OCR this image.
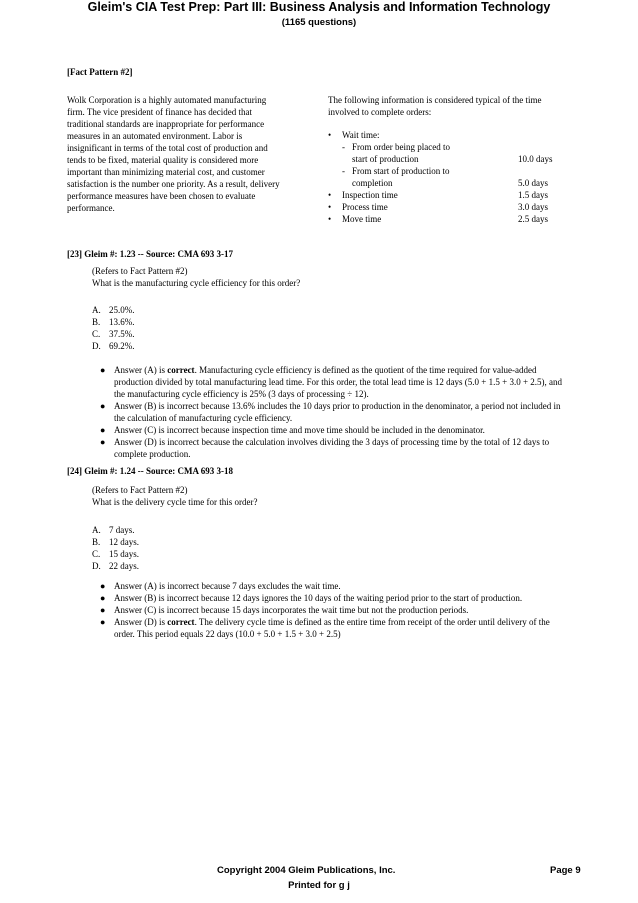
Gleim's CIA Test Prep: Part III: Business Analysis and Information Technology
(1165 questions)
[Fact Pattern #2]
Wolk Corporation is a highly automated manufacturing
firm. The vice president of finance has decided that
traditional standards are inappropriate for performance
measures in an automated environment. Labor is
insignificant in terms of the total cost of production and
tends to be fixed, material quality is considered more
important than minimizing material cost, and customer
satisfaction is the number one priority. As a result, delivery
performance measures have been chosen to evaluate
performance.
The following information is considered typical of the time
involved to complete orders:
•	Wait time:
- From order being placed to
start of production	10.0 days
- From start of production to
completion	5.0 days
•	Inspection time	1.5 days
•	Process time	3.0 days
•	Move time	2.5 days
[23] Gleim #: 1.23 -- Source: CMA 693 3-17
(Refers to Fact Pattern #2)
What is the manufacturing cycle efficiency for this order?
A. 25.0%.
B. 13.6%.
C. 37.5%.
D. 69.2%.
● Answer (A) is correct. Manufacturing cycle efficiency is defined as the quotient of the time required for value-added production divided by total manufacturing lead time. For this order, the total lead time is 12 days (5.0 + 1.5 + 3.0 + 2.5), and the manufacturing cycle efficiency is 25% (3 days of processing ÷ 12).
● Answer (B) is incorrect because 13.6% includes the 10 days prior to production in the denominator, a period not included in the calculation of manufacturing cycle efficiency.
● Answer (C) is incorrect because inspection time and move time should be included in the denominator.
● Answer (D) is incorrect because the calculation involves dividing the 3 days of processing time by the total of 12 days to complete production.
[24] Gleim #: 1.24 -- Source: CMA 693 3-18
(Refers to Fact Pattern #2)
What is the delivery cycle time for this order?
A. 7 days.
B. 12 days.
C. 15 days.
D. 22 days.
● Answer (A) is incorrect because 7 days excludes the wait time.
● Answer (B) is incorrect because 12 days ignores the 10 days of the waiting period prior to the start of production.
● Answer (C) is incorrect because 15 days incorporates the wait time but not the production periods.
● Answer (D) is correct. The delivery cycle time is defined as the entire time from receipt of the order until delivery of the order. This period equals 22 days (10.0 + 5.0 + 1.5 + 3.0 + 2.5)
Copyright 2004 Gleim Publications, Inc.	Page 9
Printed for g j
